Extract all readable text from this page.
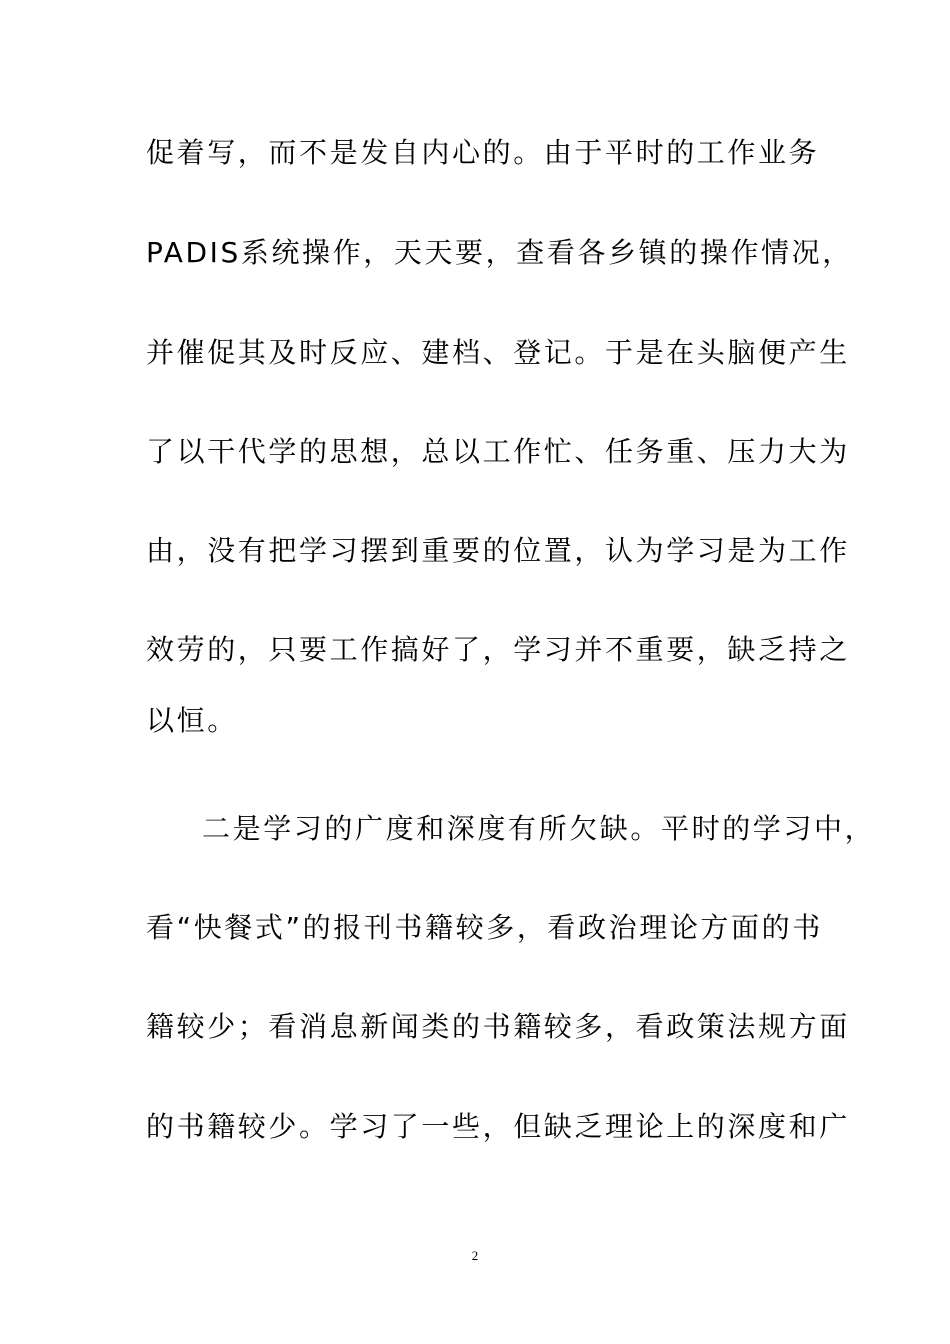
促着写，而不是发自内心的。由于平时的工作业务
PADIS系统操作，天天要，查看各乡镇的操作情况，
并催促其及时反应、建档、登记。于是在头脑便产生
了以干代学的思想，总以工作忙、任务重、压力大为
由，没有把学习摆到重要的位置，认为学习是为工作
效劳的，只要工作搞好了，学习并不重要，缺乏持之
以恒。
二是学习的广度和深度有所欠缺。平时的学习中，
看“快餐式”的报刊书籍较多，看政治理论方面的书
籍较少；看消息新闻类的书籍较多，看政策法规方面
的书籍较少。学习了一些，但缺乏理论上的深度和广
2
